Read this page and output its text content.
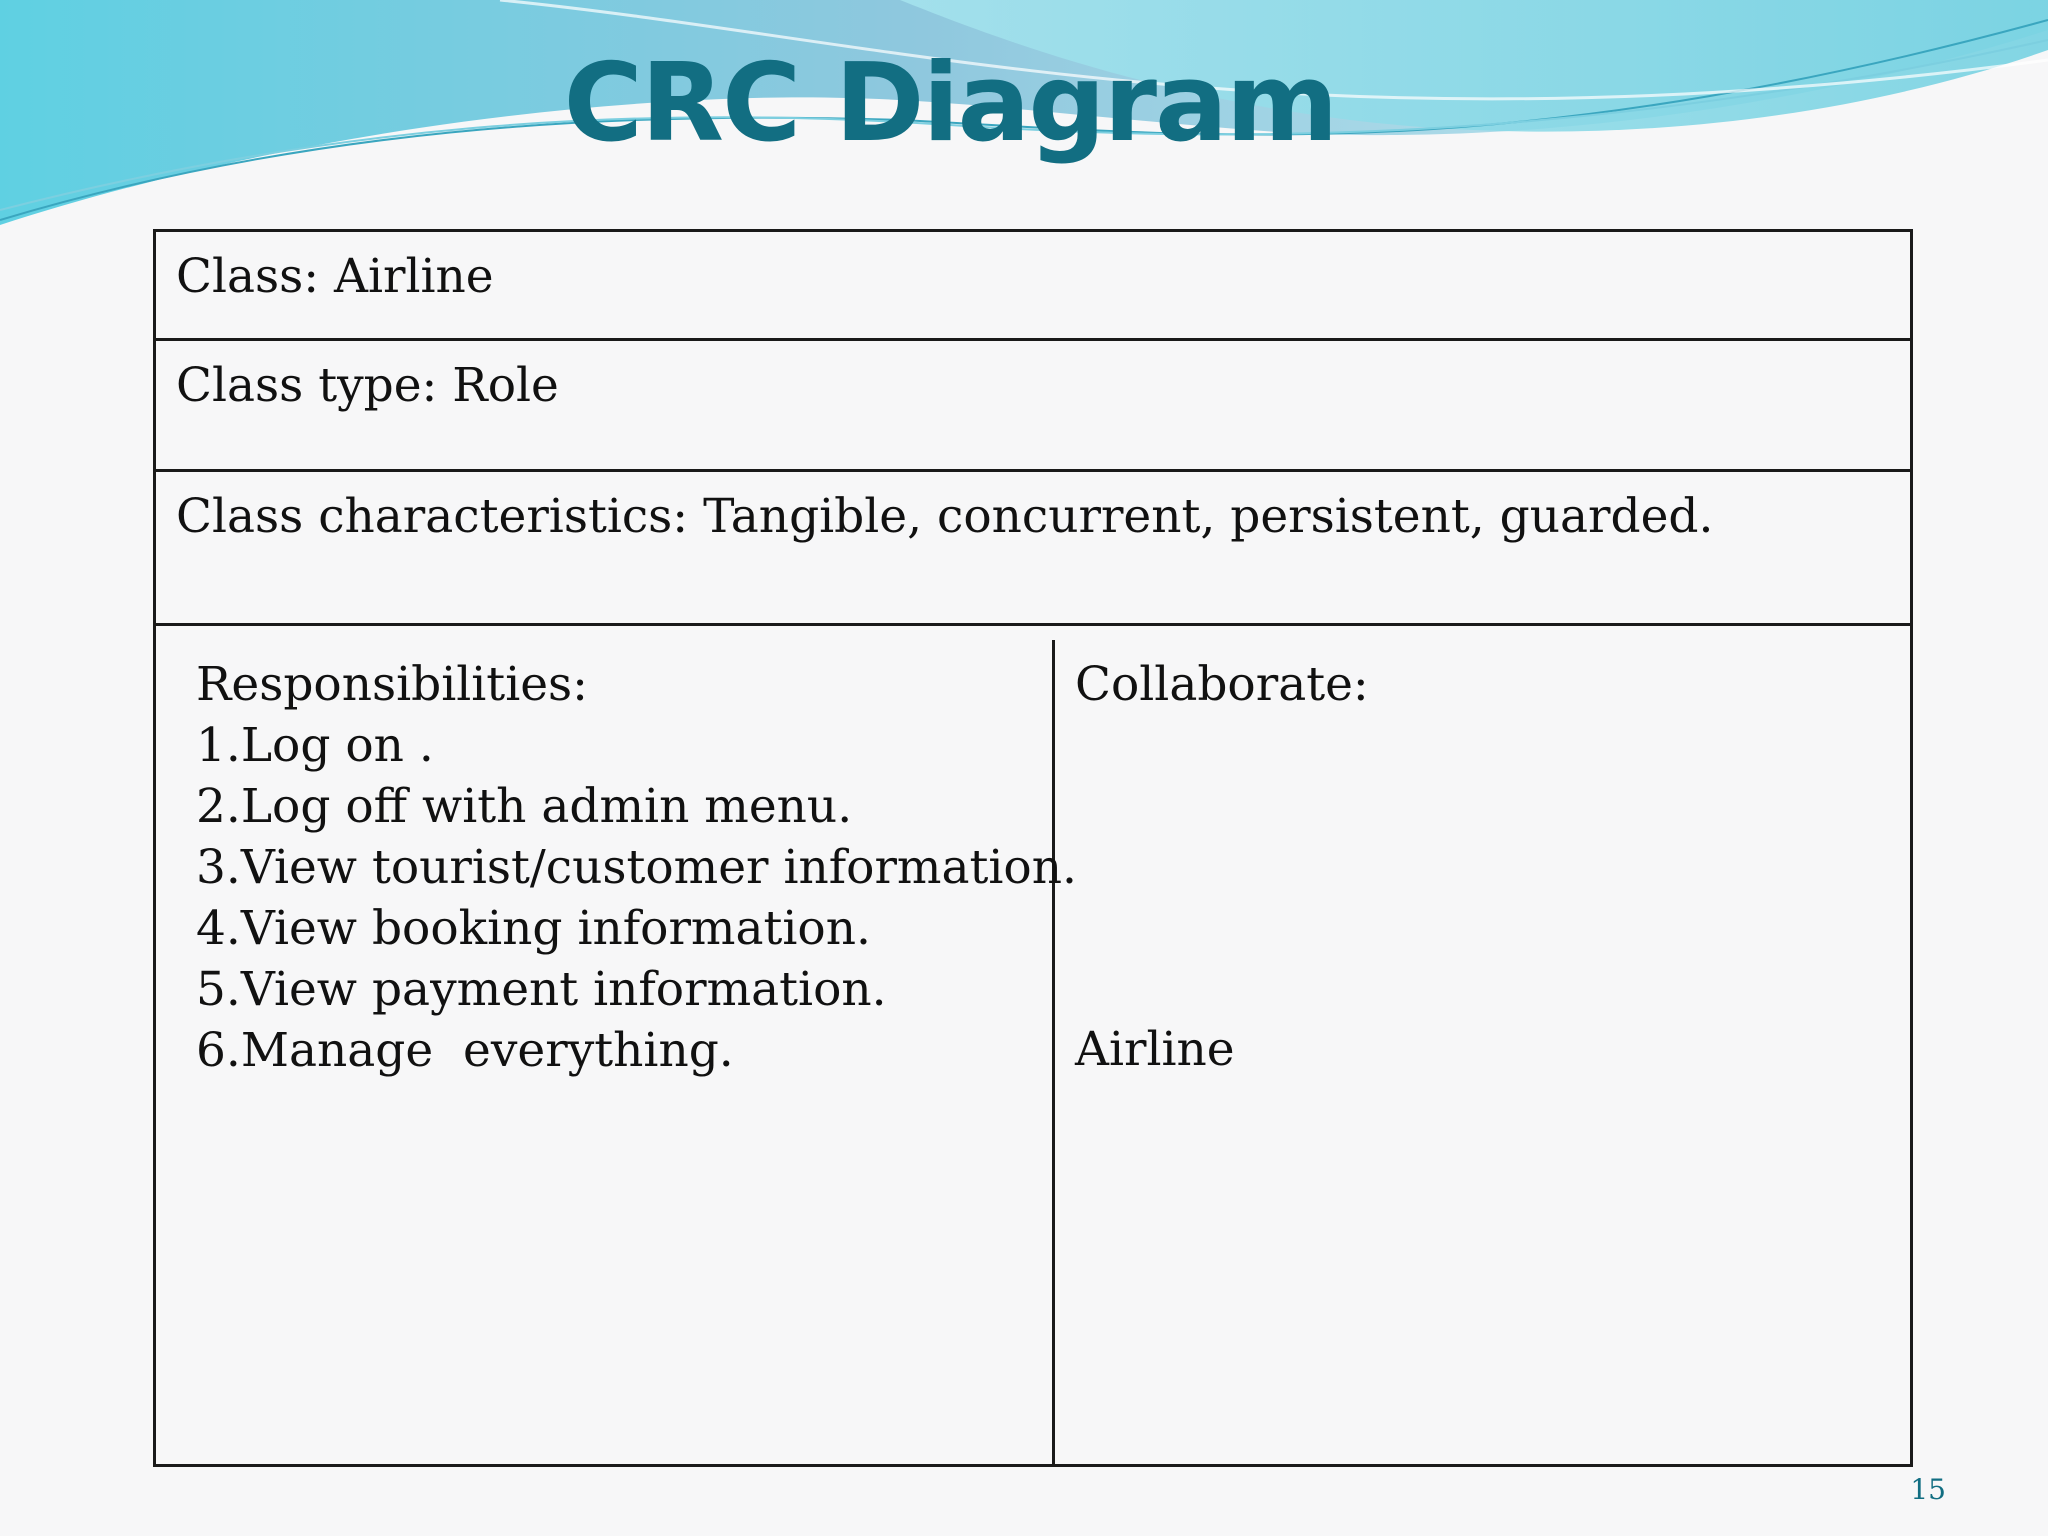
CRC Diagram
Class: Airline
Class type: Role
Class characteristics: Tangible, concurrent, persistent, guarded.
Responsibilities:
1.Log on .
2.Log off with admin menu.
3.View tourist/customer information.
4.View booking information.
5.View payment information.
6.Manage  everything.
Collaborate:
Airline
15
